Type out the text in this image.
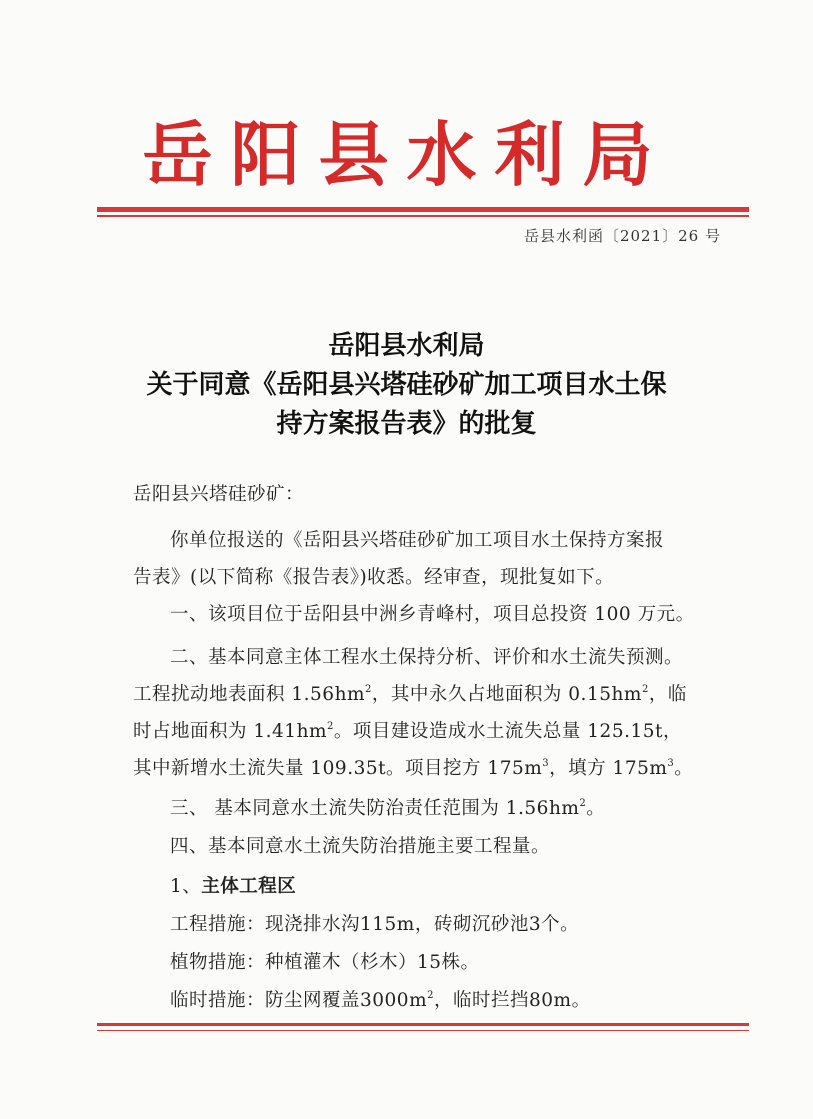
岳阳县水利局
岳县水利函〔2021〕26 号
岳阳县水利局
关于同意《岳阳县兴塔硅砂矿加工项目水土保
持方案报告表》的批复
岳阳县兴塔硅砂矿：
你单位报送的《岳阳县兴塔硅砂矿加工项目水土保持方案报
告表》(以下简称《报告表》)收悉。经审查，现批复如下。
一、该项目位于岳阳县中洲乡青峰村，项目总投资 100 万元。
二、基本同意主体工程水土保持分析、评价和水土流失预测。
工程扰动地表面积 $1.56hm^2$，其中永久占地面积为 $0.15hm^2$，临
时占地面积为 $1.41hm^2$。项目建设造成水土流失总量 125.15t，
其中新增水土流失量 109.35t。项目挖方 $175m^3$，填方 $175m^3$。
三、 基本同意水土流失防治责任范围为 $1.56hm^2$。
四、基本同意水土流失防治措施主要工程量。
1、主体工程区
工程措施：现浇排水沟115m，砖砌沉砂池3个。
植物措施：种植灌木（杉木）15株。
临时措施：防尘网覆盖$3000m^2$，临时拦挡80m。
